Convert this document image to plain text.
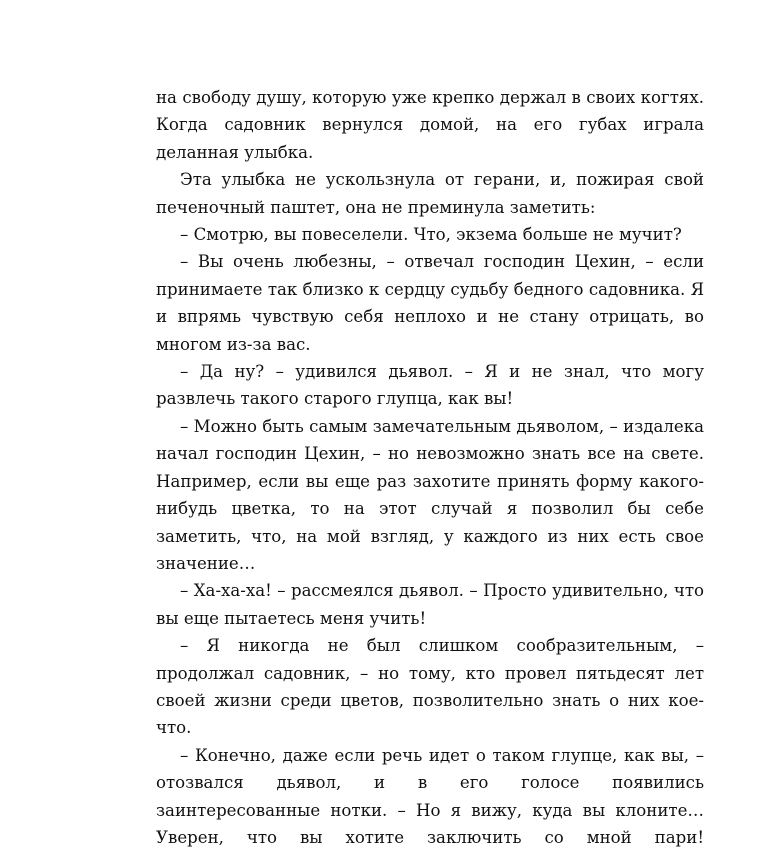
на свободу душу, которую уже крепко держал в своих когтях. Когда садовник вернулся домой, на его губах играла деланная улыбка.

Эта улыбка не ускользнула от герани, и, пожирая свой печеночный паштет, она не преминула заметить:

– Смотрю, вы повеселели. Что, экзема больше не мучит?

– Вы очень любезны, – отвечал господин Цехин, – если принимаете так близко к сердцу судьбу бедного садовника. Я и впрямь чувствую себя неплохо и не стану отрицать, во многом из-за вас.

– Да ну? – удивился дьявол. – Я и не знал, что могу развлечь такого старого глупца, как вы!

– Можно быть самым замечательным дьяволом, – издалека начал господин Цехин, – но невозможно знать все на свете. Например, если вы еще раз захотите принять форму какого-нибудь цветка, то на этот случай я позволил бы себе заметить, что, на мой взгляд, у каждого из них есть свое значение…

– Ха-ха-ха! – рассмеялся дьявол. – Просто удивительно, что вы еще пытаетесь меня учить!

– Я никогда не был слишком сообразительным, – продолжал садовник, – но тому, кто провел пятьдесят лет своей жизни среди цветов, позволительно знать о них кое-что.

– Конечно, даже если речь идет о таком глупце, как вы, – отозвался дьявол, и в его голосе появились заинтересованные нотки. – Но я вижу, куда вы клоните… Уверен, что вы хотите заключить со мной пари!
